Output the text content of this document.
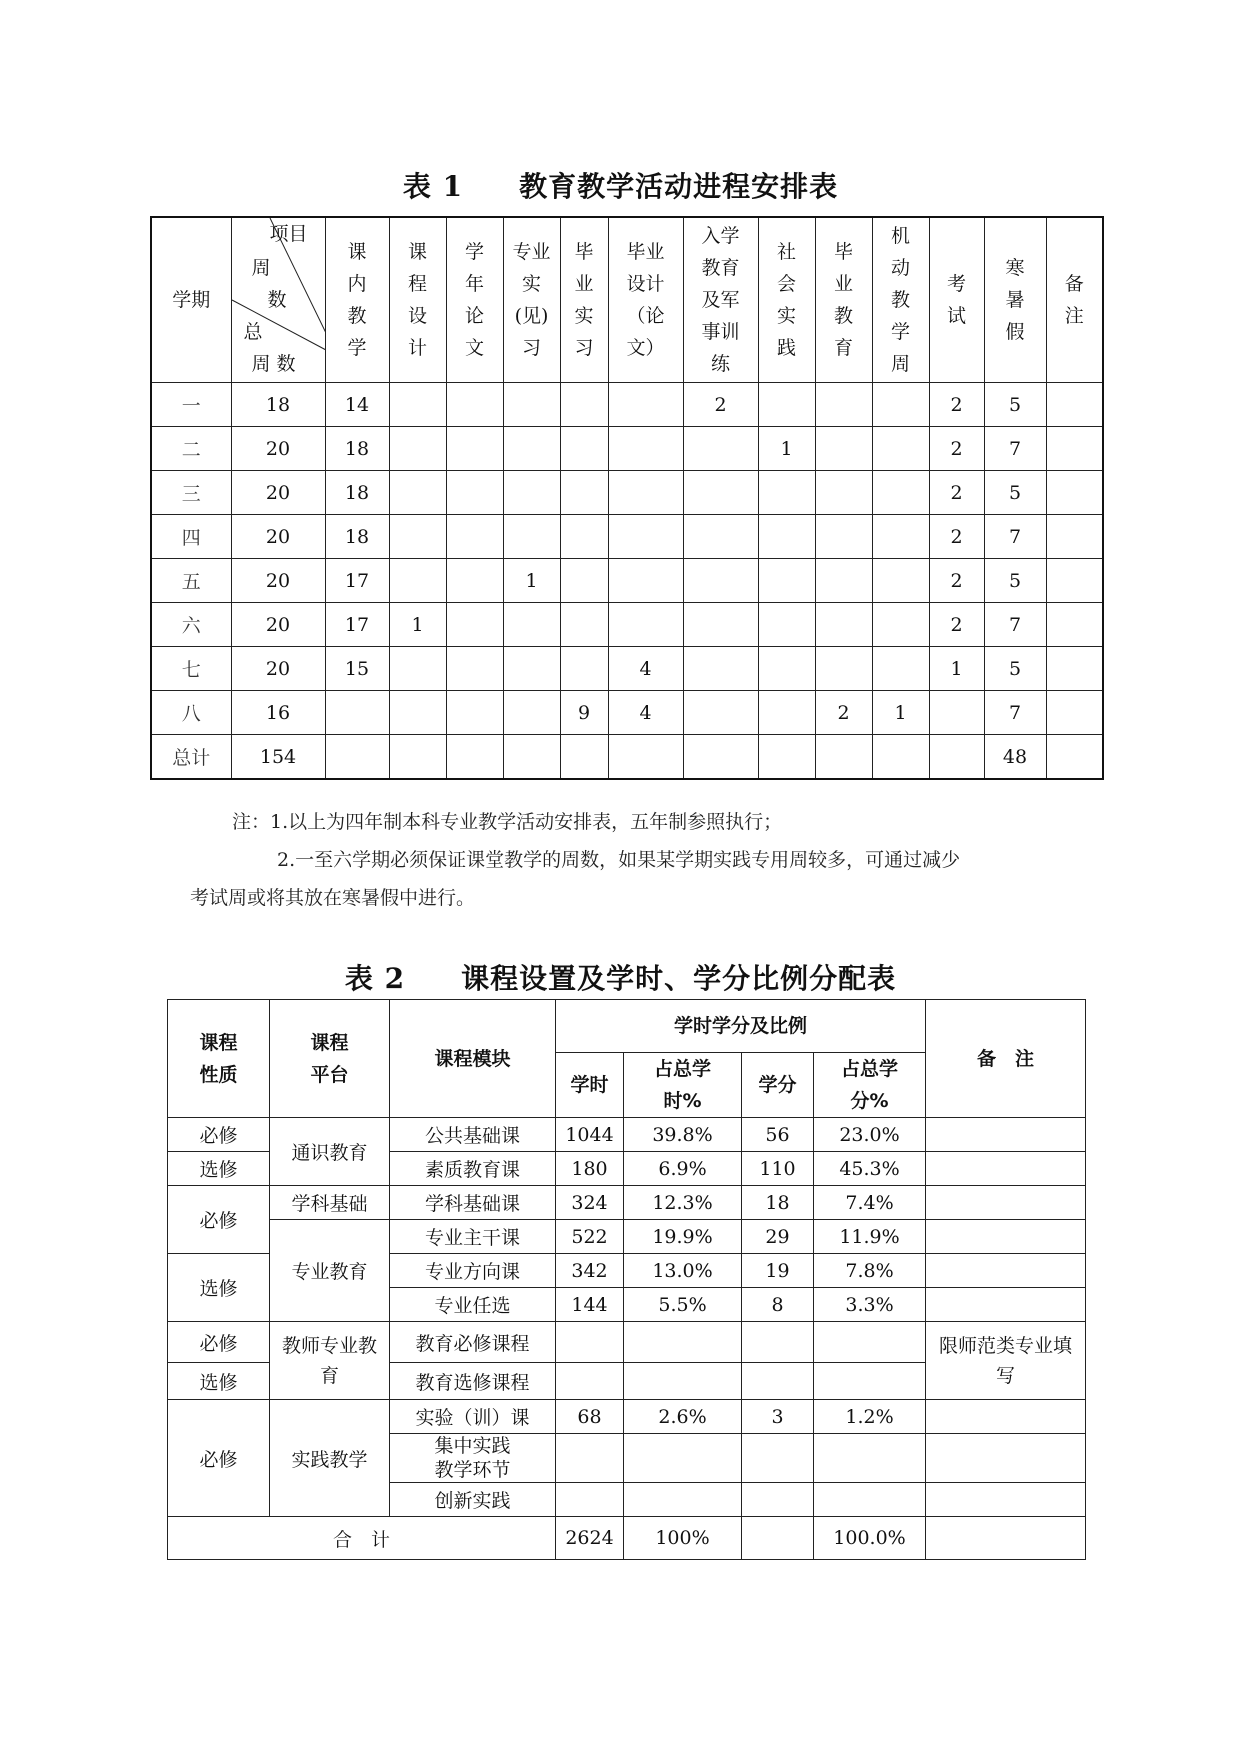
表 1 教育教学活动进程安排表
学期	项目
周
数
总
周 数	课内教学	课程设计	学年论文	专业实(见)习	毕业实习	毕业设计（论文）	入学教育及军事训练	社会实践	毕业教育	机动教学周	考试	寒暑假	备注
一	18	14						2				2	5	
二	20	18							1			2	7	
三	20	18										2	5	
四	20	18										2	7	
五	20	17			1							2	5	
六	20	17	1									2	7	
七	20	15					4					1	5	
八	16					9	4			2	1		7	
总计	154												48	
注：1.以上为四年制本科专业教学活动安排表，五年制参照执行；
2.一至六学期必须保证课堂教学的周数，如果某学期实践专用周较多，可通过减少
考试周或将其放在寒暑假中进行。
表 2 课程设置及学时、学分比例分配表
课程性质	课程平台	课程模块	学时学分及比例				备　注
			学时	占总学时%	学分	占总学分%	
必修	通识教育	公共基础课	1044	39.8%	56	23.0%	
选修		素质教育课	180	6.9%	110	45.3%	
必修	学科基础	学科基础课	324	12.3%	18	7.4%	
	专业教育	专业主干课	522	19.9%	29	11.9%	
选修		专业方向课	342	13.0%	19	7.8%	
		专业任选	144	5.5%	8	3.3%	
必修	教师专业教育	教育必修课程					限师范类专业填写
选修		教育选修课程					
必修	实践教学	实验（训）课	68	2.6%	3	1.2%	
		集中实践教学环节					
		创新实践					
合　计			2624	100%		100.0%	
